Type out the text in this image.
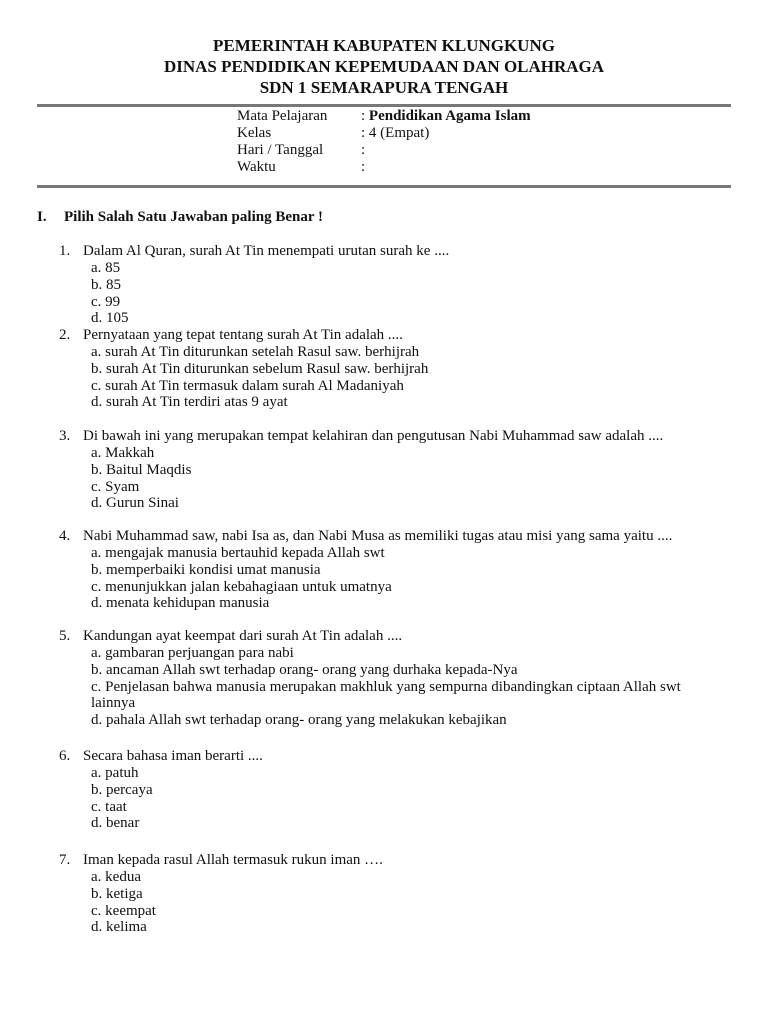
PEMERINTAH KABUPATEN KLUNGKUNG
DINAS PENDIDIKAN KEPEMUDAAN DAN OLAHRAGA
SDN 1 SEMARAPURA TENGAH
Mata Pelajaran	: Pendidikan Agama Islam
Kelas	: 4 (Empat)
Hari / Tanggal	:
Waktu	:
I. Pilih Salah Satu Jawaban paling Benar !
1. Dalam Al Quran, surah At Tin menempati urutan surah ke ....
a. 85
b. 85
c. 99
d. 105
2. Pernyataan yang tepat tentang surah At Tin adalah ....
a. surah At Tin diturunkan setelah Rasul saw. berhijrah
b. surah At Tin diturunkan sebelum Rasul saw. berhijrah
c. surah At Tin termasuk dalam surah Al Madaniyah
d. surah At Tin terdiri atas 9 ayat
3. Di bawah ini yang merupakan tempat kelahiran dan pengutusan Nabi Muhammad saw adalah ....
a. Makkah
b. Baitul Maqdis
c. Syam
d. Gurun Sinai
4. Nabi Muhammad saw, nabi Isa as, dan Nabi Musa as memiliki tugas atau misi yang sama yaitu ....
a. mengajak manusia bertauhid kepada Allah swt
b. memperbaiki kondisi umat manusia
c. menunjukkan jalan kebahagiaan untuk umatnya
d. menata kehidupan manusia
5. Kandungan ayat keempat dari surah At Tin adalah ....
a. gambaran perjuangan para nabi
b. ancaman Allah swt terhadap orang- orang yang durhaka kepada-Nya
c. Penjelasan bahwa manusia merupakan makhluk yang sempurna dibandingkan ciptaan Allah swt lainnya
d. pahala Allah swt terhadap orang- orang yang melakukan kebajikan
6. Secara bahasa iman berarti ....
a. patuh
b. percaya
c. taat
d. benar
7. Iman kepada rasul Allah termasuk rukun iman ….
a. kedua
b. ketiga
c. keempat
d. kelima
